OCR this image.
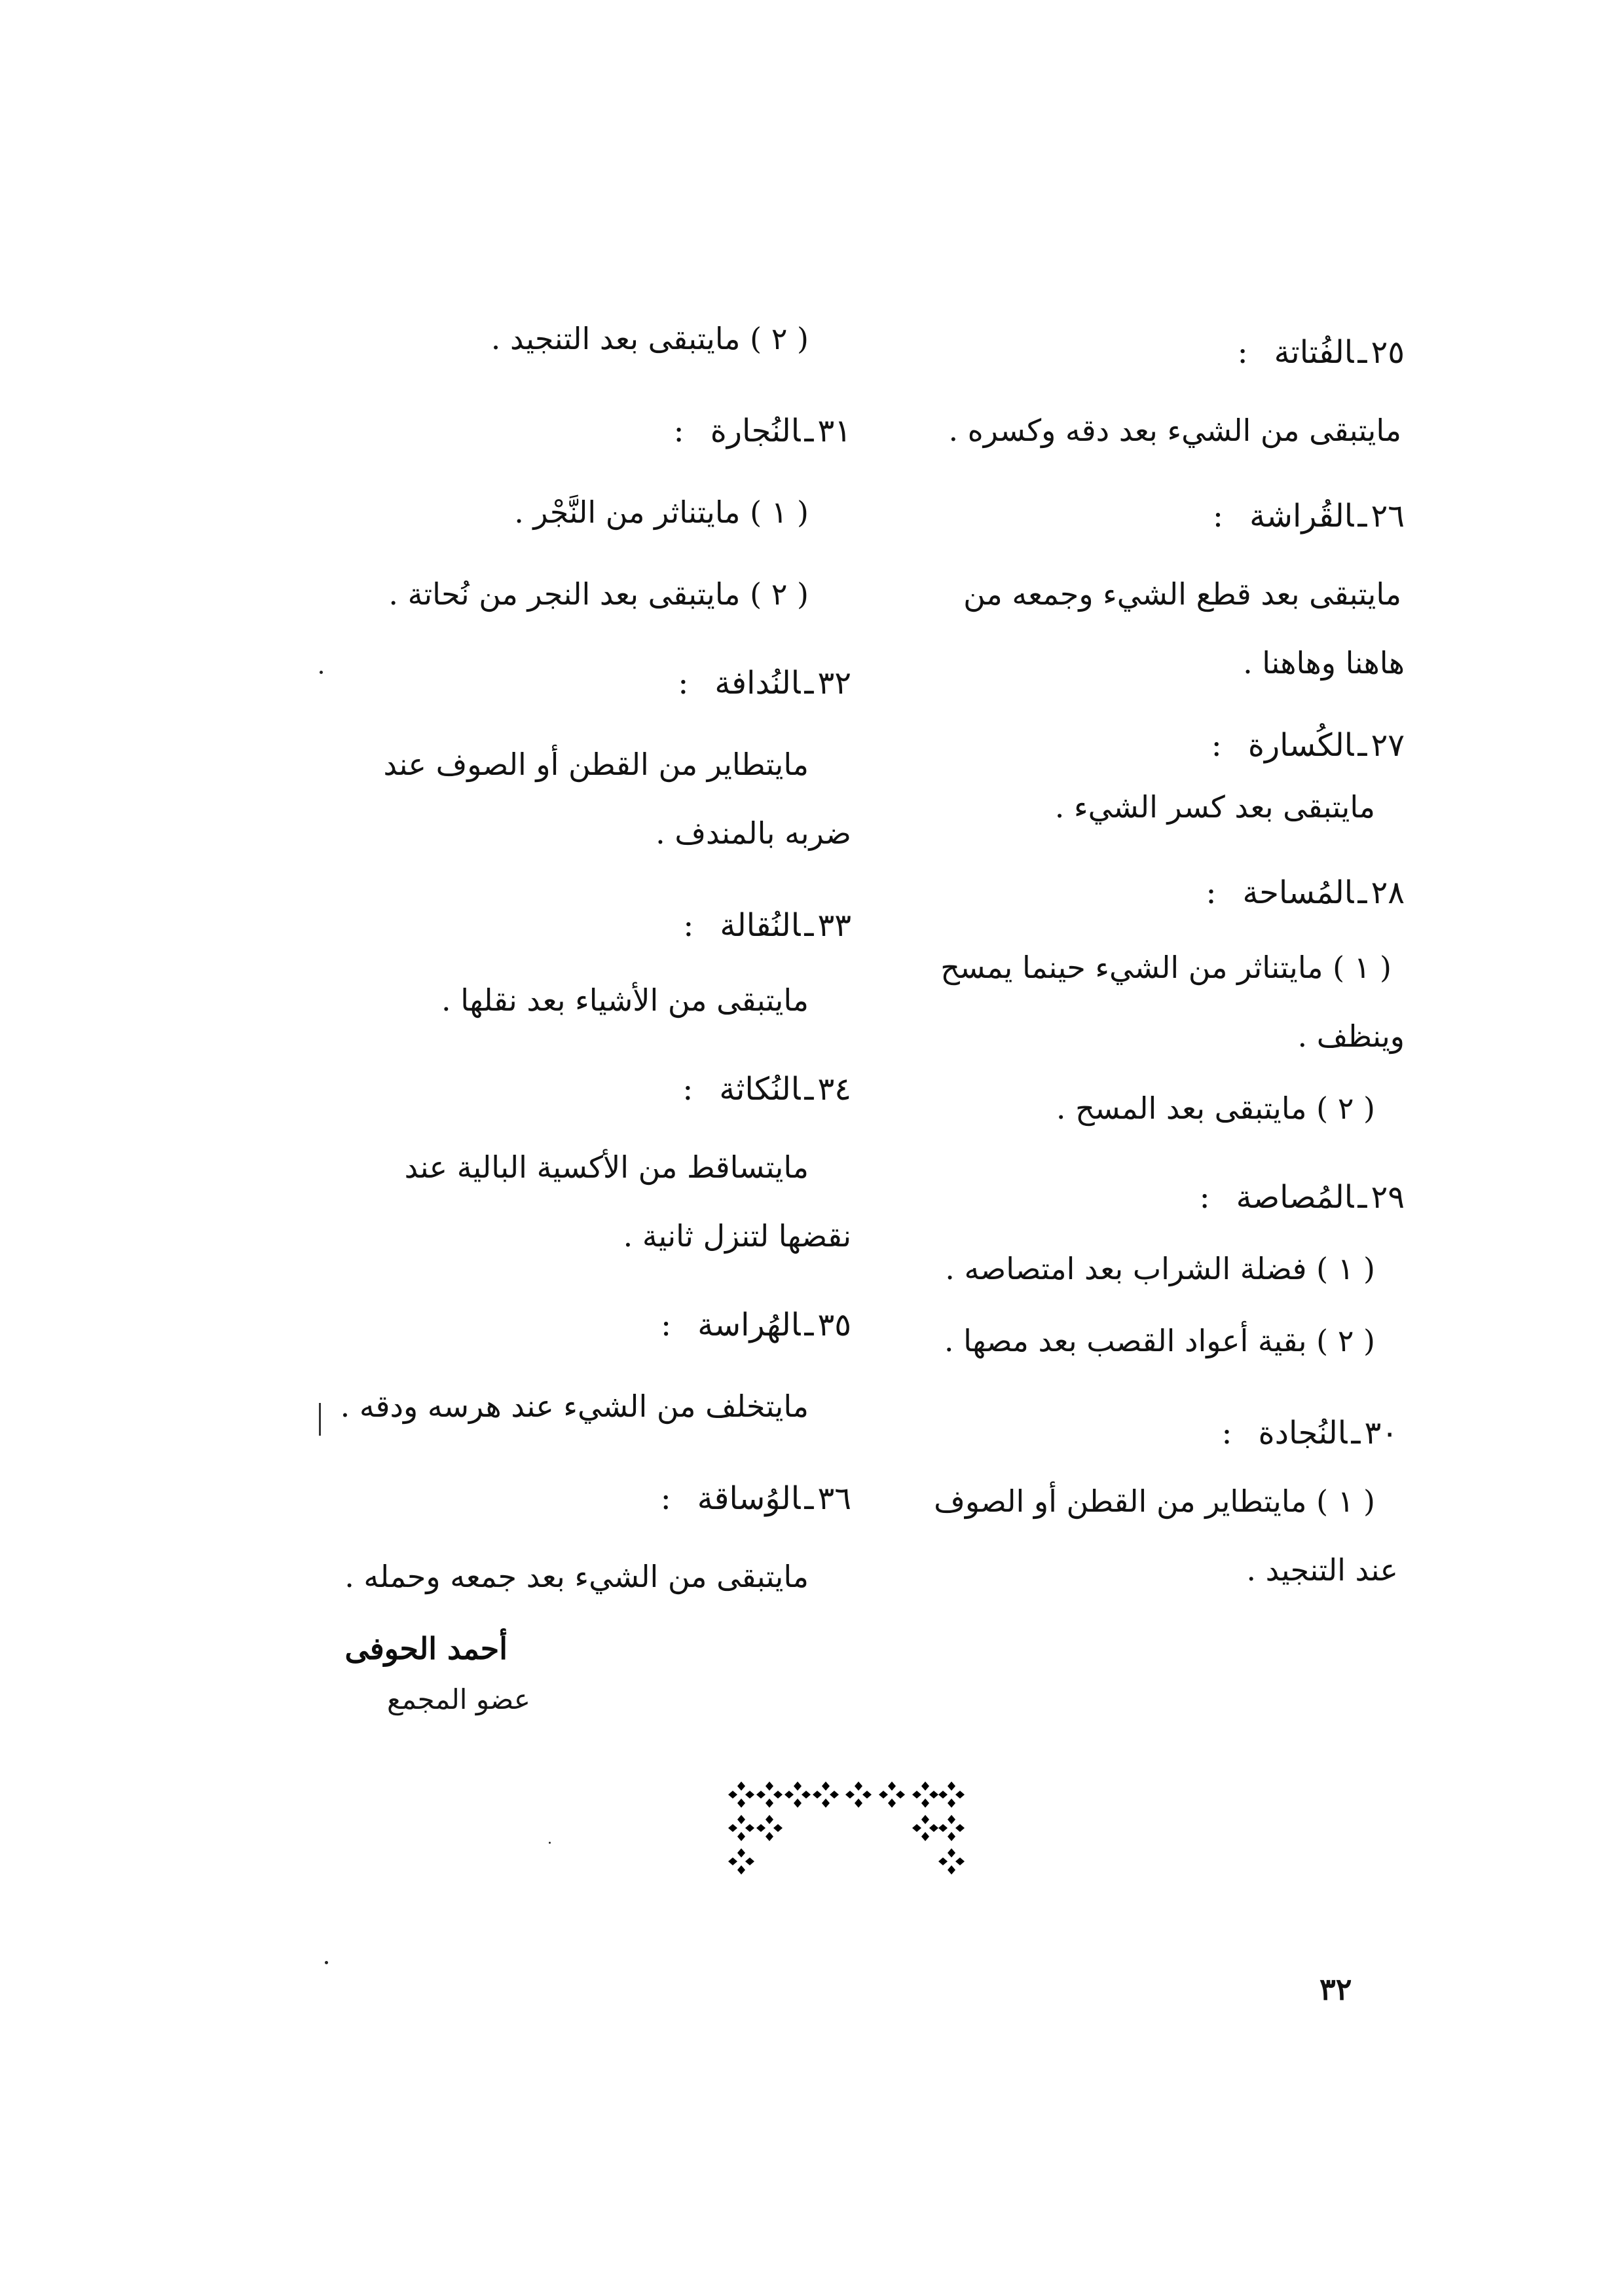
٢٥ـالفُتاتة:
مايتبقى من الشيء بعد دقه وكسره .
٢٦ـالقُراشة:
مايتبقى بعد قطع الشيء وجمعه من
هاهنا وهاهنا .
٢٧ـالكُسارة:
مايتبقى بعد كسر الشيء .
٢٨ـالمُساحة:
( ١ ) مايتناثر من الشيء حينما يمسح
وينظف .
( ٢ ) مايتبقى بعد المسح .
٢٩ـالمُصاصة:
( ١ ) فضلة الشراب بعد امتصاصه .
( ٢ ) بقية أعواد القصب بعد مصها .
٣٠ـالنُجادة:
( ١ ) مايتطاير من القطن أو الصوف
عند التنجيد .
( ٢ ) مايتبقى بعد التنجيد .
٣١ـالنُجارة:
( ١ ) مايتناثر من النَّجْر .
( ٢ ) مايتبقى بعد النجر من نُحاتة .
٣٢ـالنُدافة:
مايتطاير من القطن أو الصوف عند
ضربه بالمندف .
٣٣ـالنُقالة:
مايتبقى من الأشياء بعد نقلها .
٣٤ـالنُكاثة:
مايتساقط من الأكسية البالية عند
نقضها لتنزل ثانية .
٣٥ـالهُراسة:
مايتخلف من الشيء عند هرسه ودقه .
٣٦ـالوُساقة:
مايتبقى من الشيء بعد جمعه وحمله .
أحمد الحوفى
عضو المجمع
٣٢
